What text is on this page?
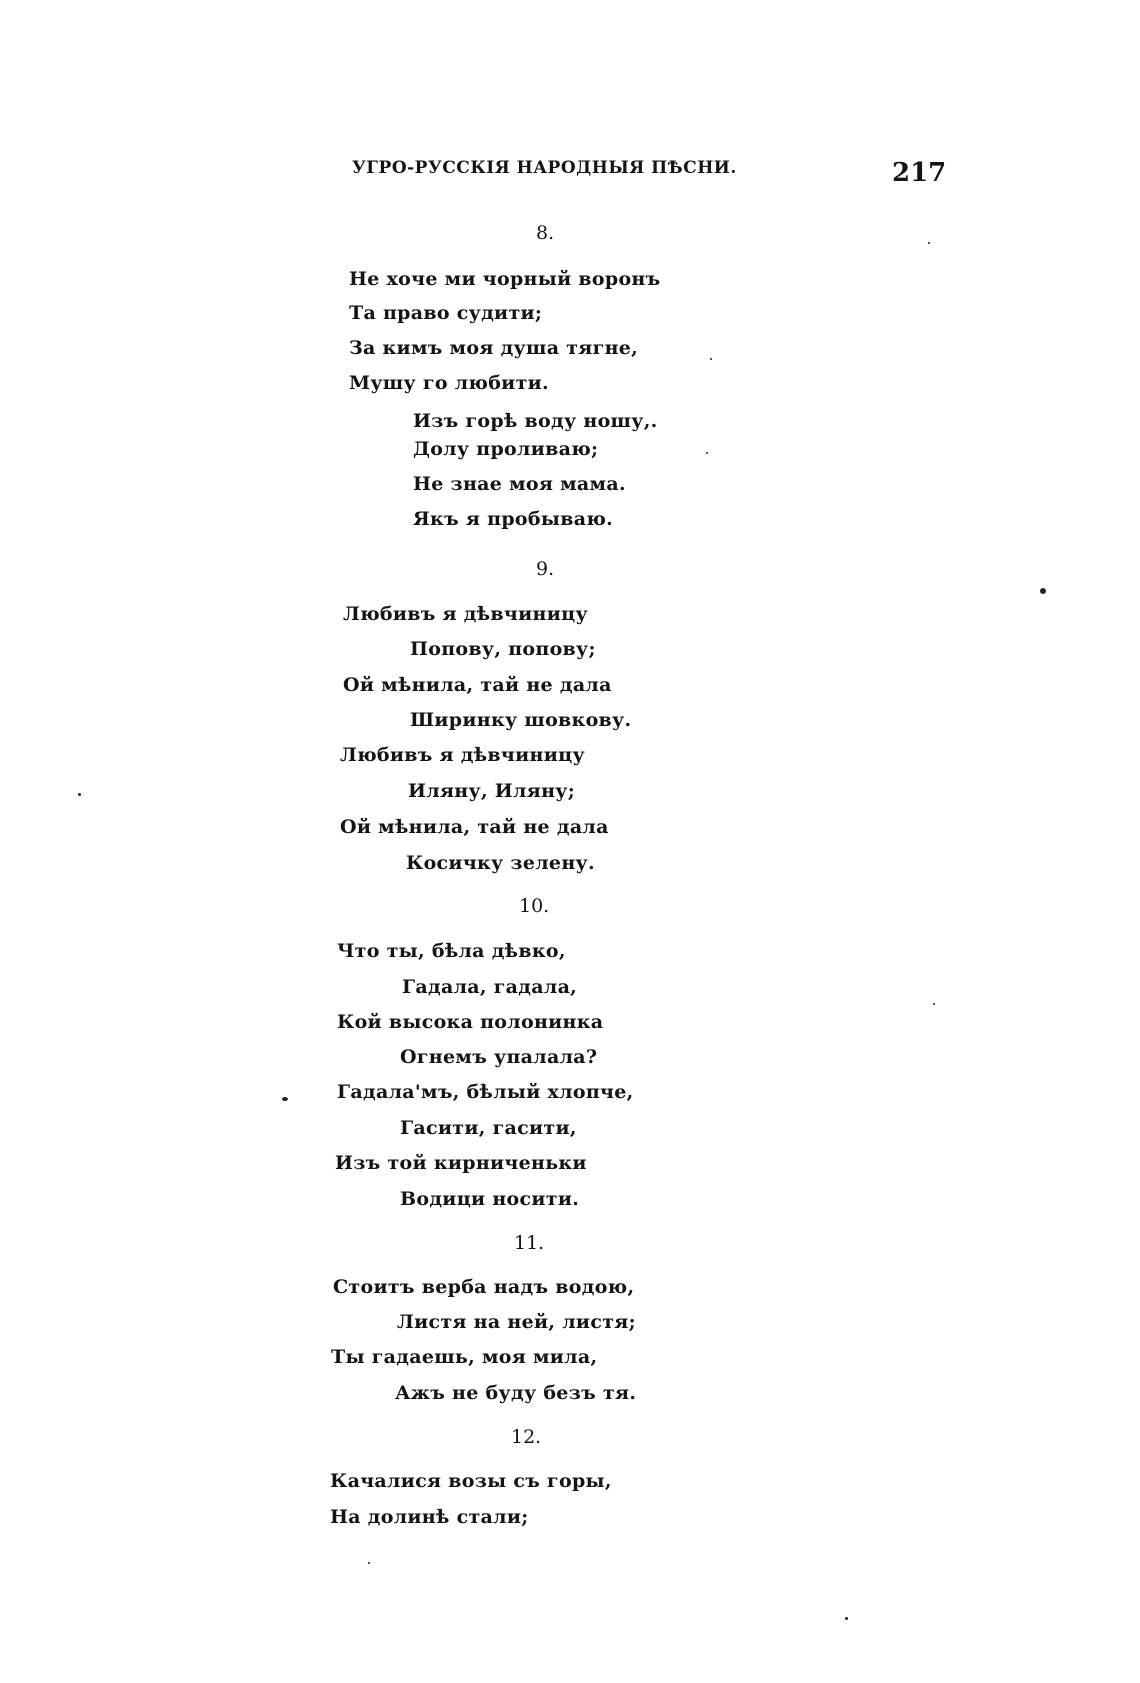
УГРО-РУССКІЯ НАРОДНЫЯ ПѢСНИ.	217
8.
Не хоче ми чорный воронъ
Та право судити;
За кимъ моя душа тягне,
Мушу го любити.
Изъ горѣ воду ношу,.
Долу проливаю;
Не знае моя мама.
Якъ я пробываю.
9.
Любивъ я дѣвчиницу
Попову, попову;
Ой мѣнила, тай не дала
Ширинку шовкову.
Любивъ я дѣвчиницу
Иляну, Иляну;
Ой мѣнила, тай не дала
Косичку зелену.
10.
Что ты, бѣла дѣвко,
Гадала, гадала,
Кой высока полонинка
Огнемъ упалала?
Гадала'мъ, бѣлый хлопче,
Гасити, гасити,
Изъ той кирниченьки
Водици носити.
11.
Стоитъ верба надъ водою,
Листя на ней, листя;
Ты гадаешь, моя мила,
Ажъ не буду безъ тя.
12.
Качалися возы съ горы,
На долинѣ стали;
